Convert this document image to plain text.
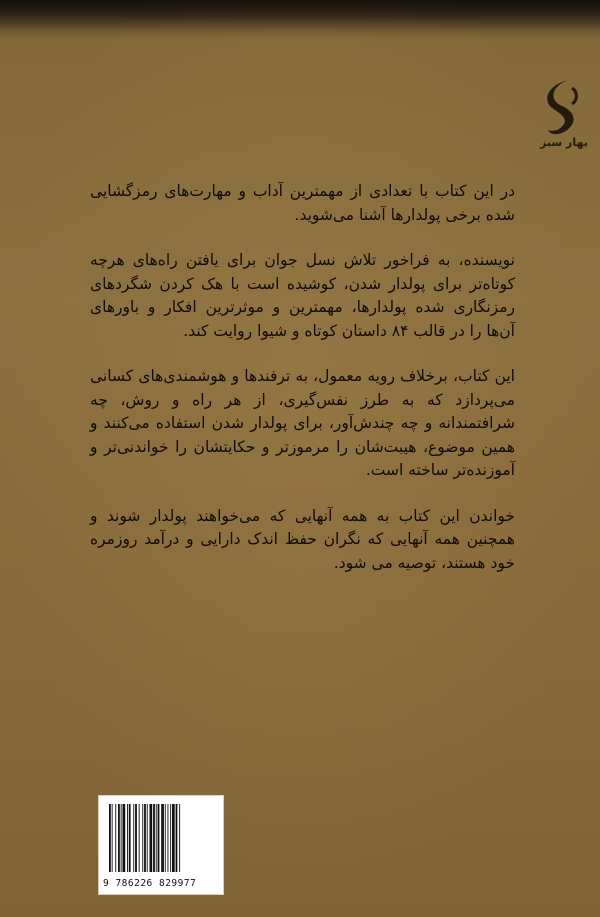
بهار سبز

در این کتاب با تعدادی از مهمترین آداب و مهارت‌های رمزگشایی شده برخی پولدارها آشنا می‌شوید.

نویسنده، به فراخور تلاش نسل جوان برای یافتن راه‌های هرچه کوتاه‌تر برای پولدار شدن، کوشیده است با هک کردن شگردهای رمزنگاری شده پولدارها، مهمترین و موثرترین افکار و باورهای آن‌ها را در قالب ۸۴ داستان کوتاه و شیوا روایت کند.

این کتاب، برخلاف رویه معمول، به ترفندها و هوشمندی‌های کسانی می‌پردازد که به طرز نفس‌گیری، از هر راه و روش، چه شرافتمندانه و چه چندش‌آور، برای پولدار شدن استفاده می‌کنند و همین موضوع، هیبت‌شان را مرموزتر و حکایتشان را خواندنی‌تر و آموزنده‌تر ساخته است.

خواندن این کتاب به همه آنهایی که می‌خواهند پولدار شوند و همچنین همه آنهایی که نگران حفظ اندک دارایی و درآمد روزمره خود هستند، توصیه می شود.

9 786226 829977
